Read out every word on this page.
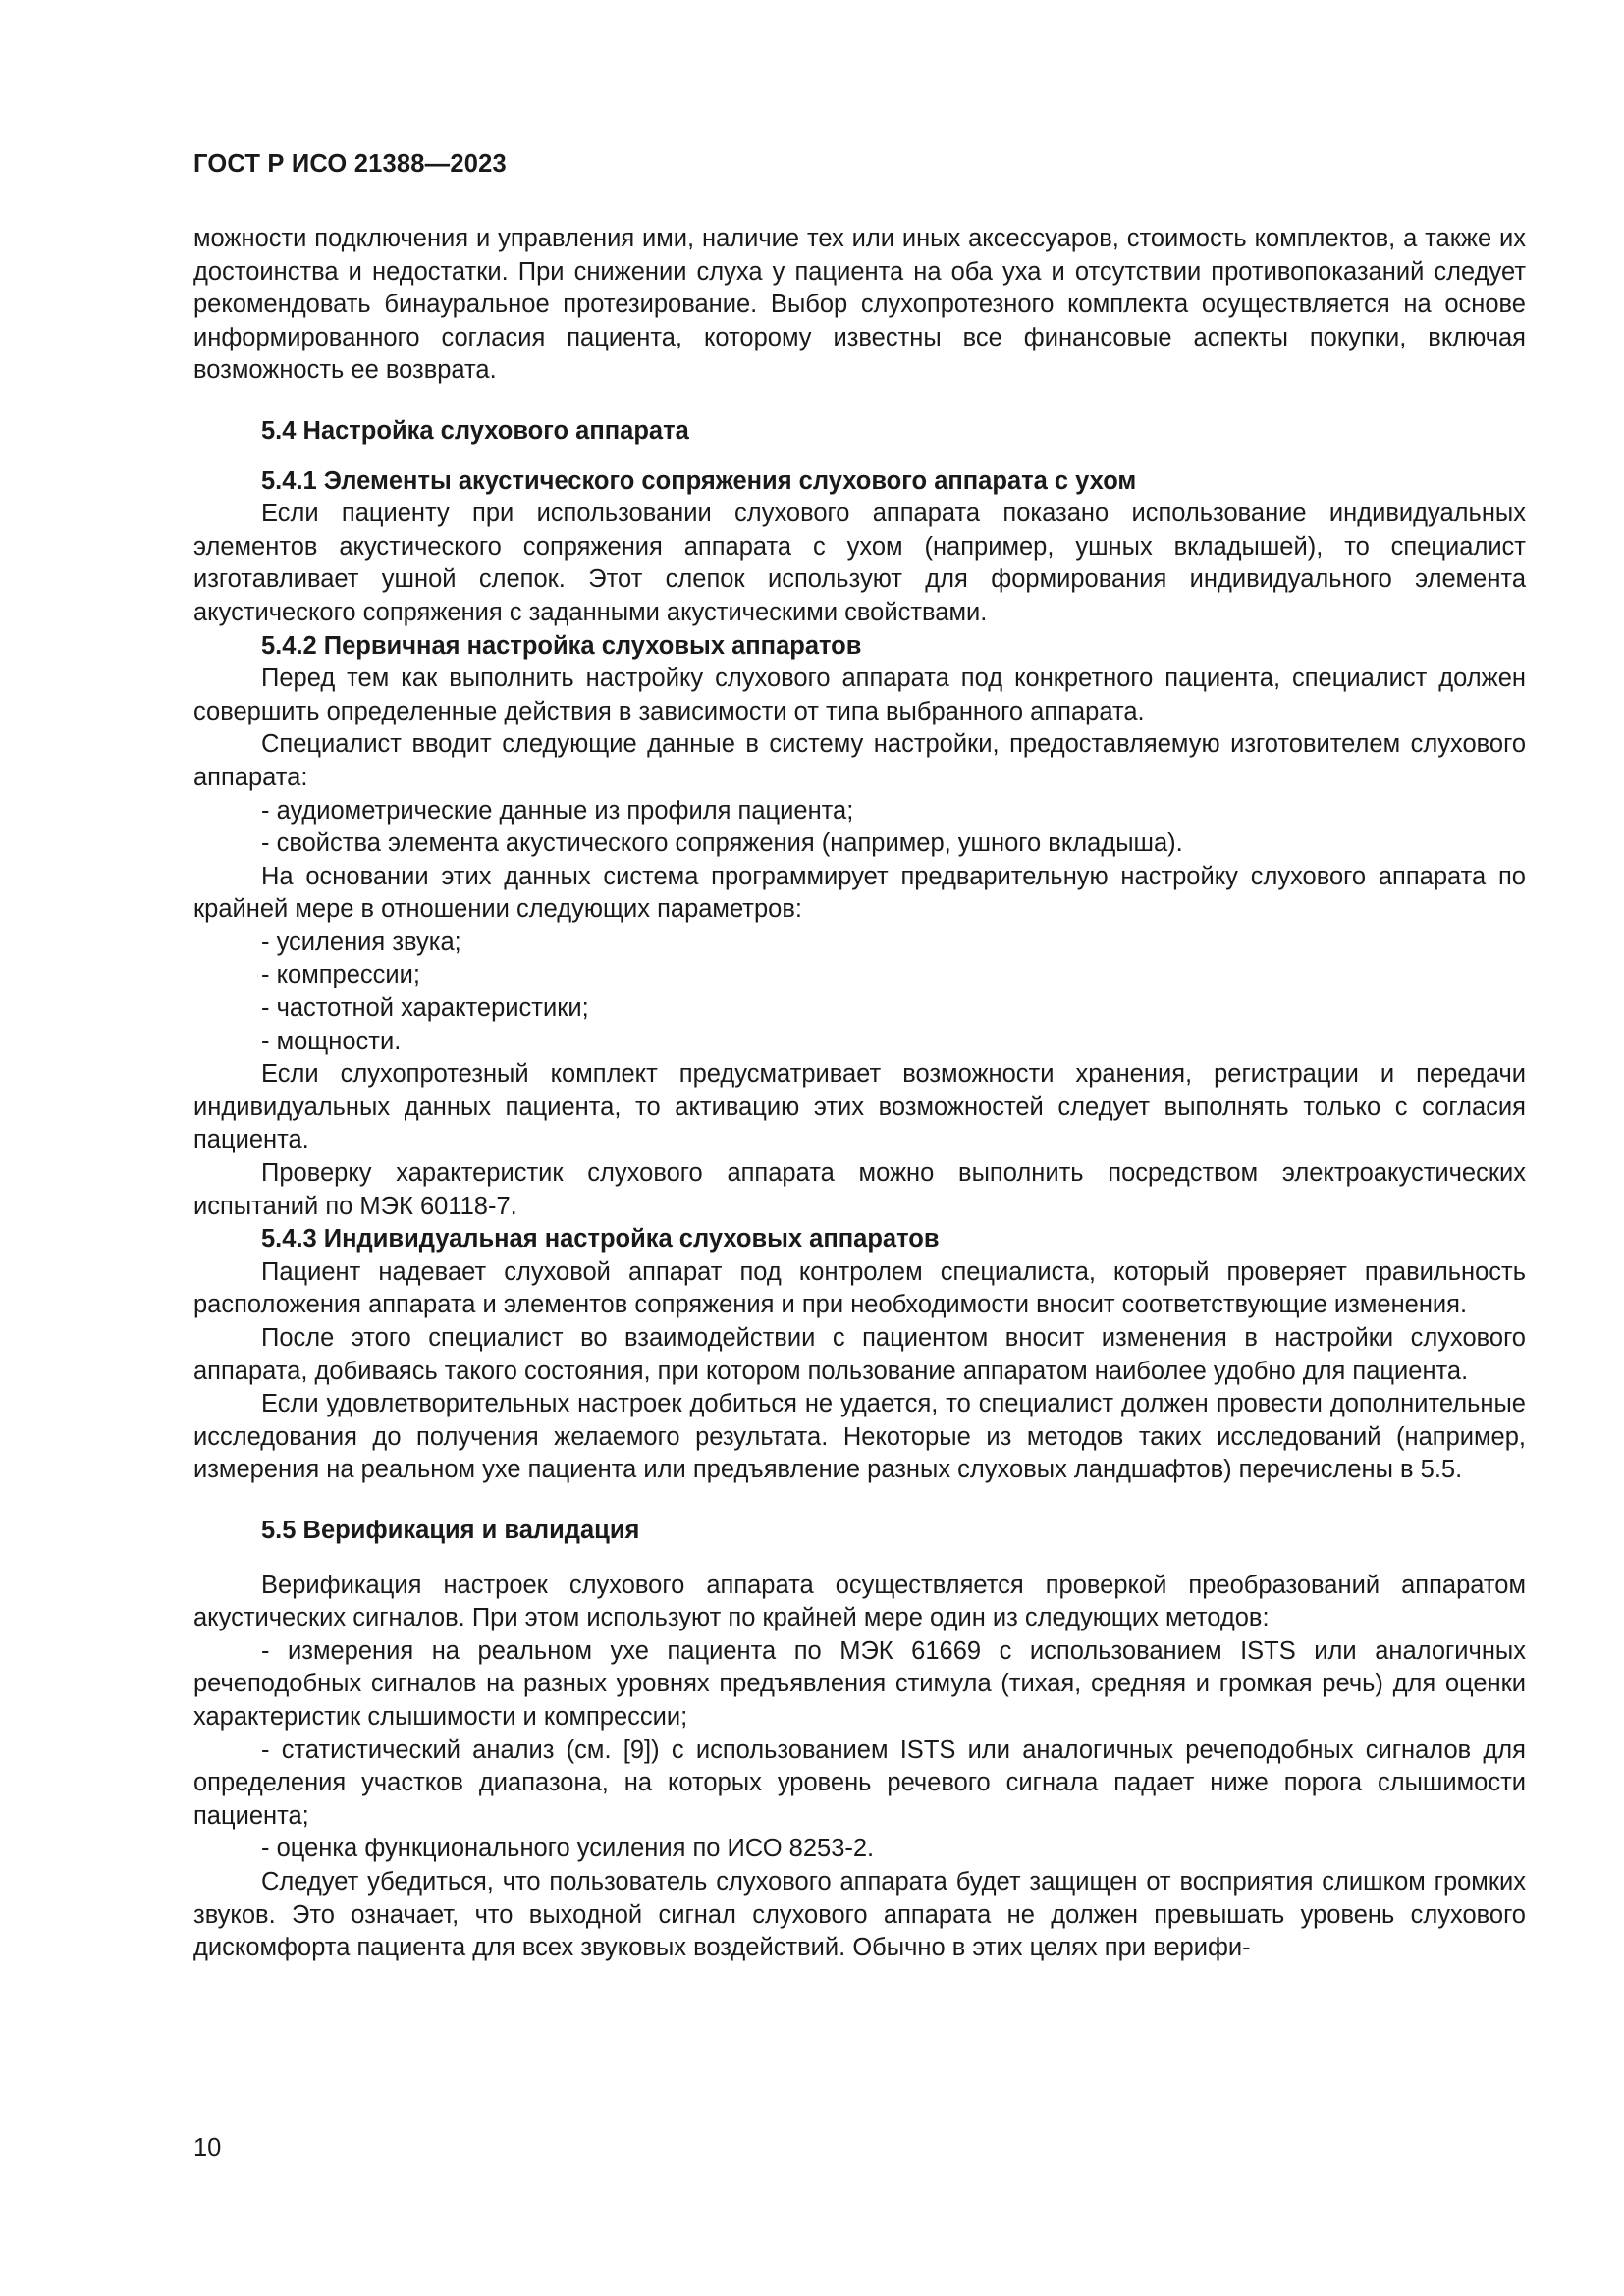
ГОСТ Р ИСО 21388—2023

можности подключения и управления ими, наличие тех или иных аксессуаров, стоимость комплектов, а также их достоинства и недостатки. При снижении слуха у пациента на оба уха и отсутствии противопоказаний следует рекомендовать бинауральное протезирование. Выбор слухопротезного комплекта осуществляется на основе информированного согласия пациента, которому известны все финансовые аспекты покупки, включая возможность ее возврата.

5.4 Настройка слухового аппарата

5.4.1 Элементы акустического сопряжения слухового аппарата с ухом

Если пациенту при использовании слухового аппарата показано использование индивидуальных элементов акустического сопряжения аппарата с ухом (например, ушных вкладышей), то специалист изготавливает ушной слепок. Этот слепок используют для формирования индивидуального элемента акустического сопряжения с заданными акустическими свойствами.

5.4.2 Первичная настройка слуховых аппаратов

Перед тем как выполнить настройку слухового аппарата под конкретного пациента, специалист должен совершить определенные действия в зависимости от типа выбранного аппарата.

Специалист вводит следующие данные в систему настройки, предоставляемую изготовителем слухового аппарата:

- аудиометрические данные из профиля пациента;

- свойства элемента акустического сопряжения (например, ушного вкладыша).

На основании этих данных система программирует предварительную настройку слухового аппарата по крайней мере в отношении следующих параметров:

- усиления звука;

- компрессии;

- частотной характеристики;

- мощности.

Если слухопротезный комплект предусматривает возможности хранения, регистрации и передачи индивидуальных данных пациента, то активацию этих возможностей следует выполнять только с согласия пациента.

Проверку характеристик слухового аппарата можно выполнить посредством электроакустических испытаний по МЭК 60118-7.

5.4.3 Индивидуальная настройка слуховых аппаратов

Пациент надевает слуховой аппарат под контролем специалиста, который проверяет правильность расположения аппарата и элементов сопряжения и при необходимости вносит соответствующие изменения.

После этого специалист во взаимодействии с пациентом вносит изменения в настройки слухового аппарата, добиваясь такого состояния, при котором пользование аппаратом наиболее удобно для пациента.

Если удовлетворительных настроек добиться не удается, то специалист должен провести дополнительные исследования до получения желаемого результата. Некоторые из методов таких исследований (например, измерения на реальном ухе пациента или предъявление разных слуховых ландшафтов) перечислены в 5.5.

5.5 Верификация и валидация

Верификация настроек слухового аппарата осуществляется проверкой преобразований аппаратом акустических сигналов. При этом используют по крайней мере один из следующих методов:

- измерения на реальном ухе пациента по МЭК 61669 с использованием ISTS или аналогичных речеподобных сигналов на разных уровнях предъявления стимула (тихая, средняя и громкая речь) для оценки характеристик слышимости и компрессии;

- статистический анализ (см. [9]) с использованием ISTS или аналогичных речеподобных сигналов для определения участков диапазона, на которых уровень речевого сигнала падает ниже порога слышимости пациента;

- оценка функционального усиления по ИСО 8253-2.

Следует убедиться, что пользователь слухового аппарата будет защищен от восприятия слишком громких звуков. Это означает, что выходной сигнал слухового аппарата не должен превышать уровень слухового дискомфорта пациента для всех звуковых воздействий. Обычно в этих целях при верифи-

10
